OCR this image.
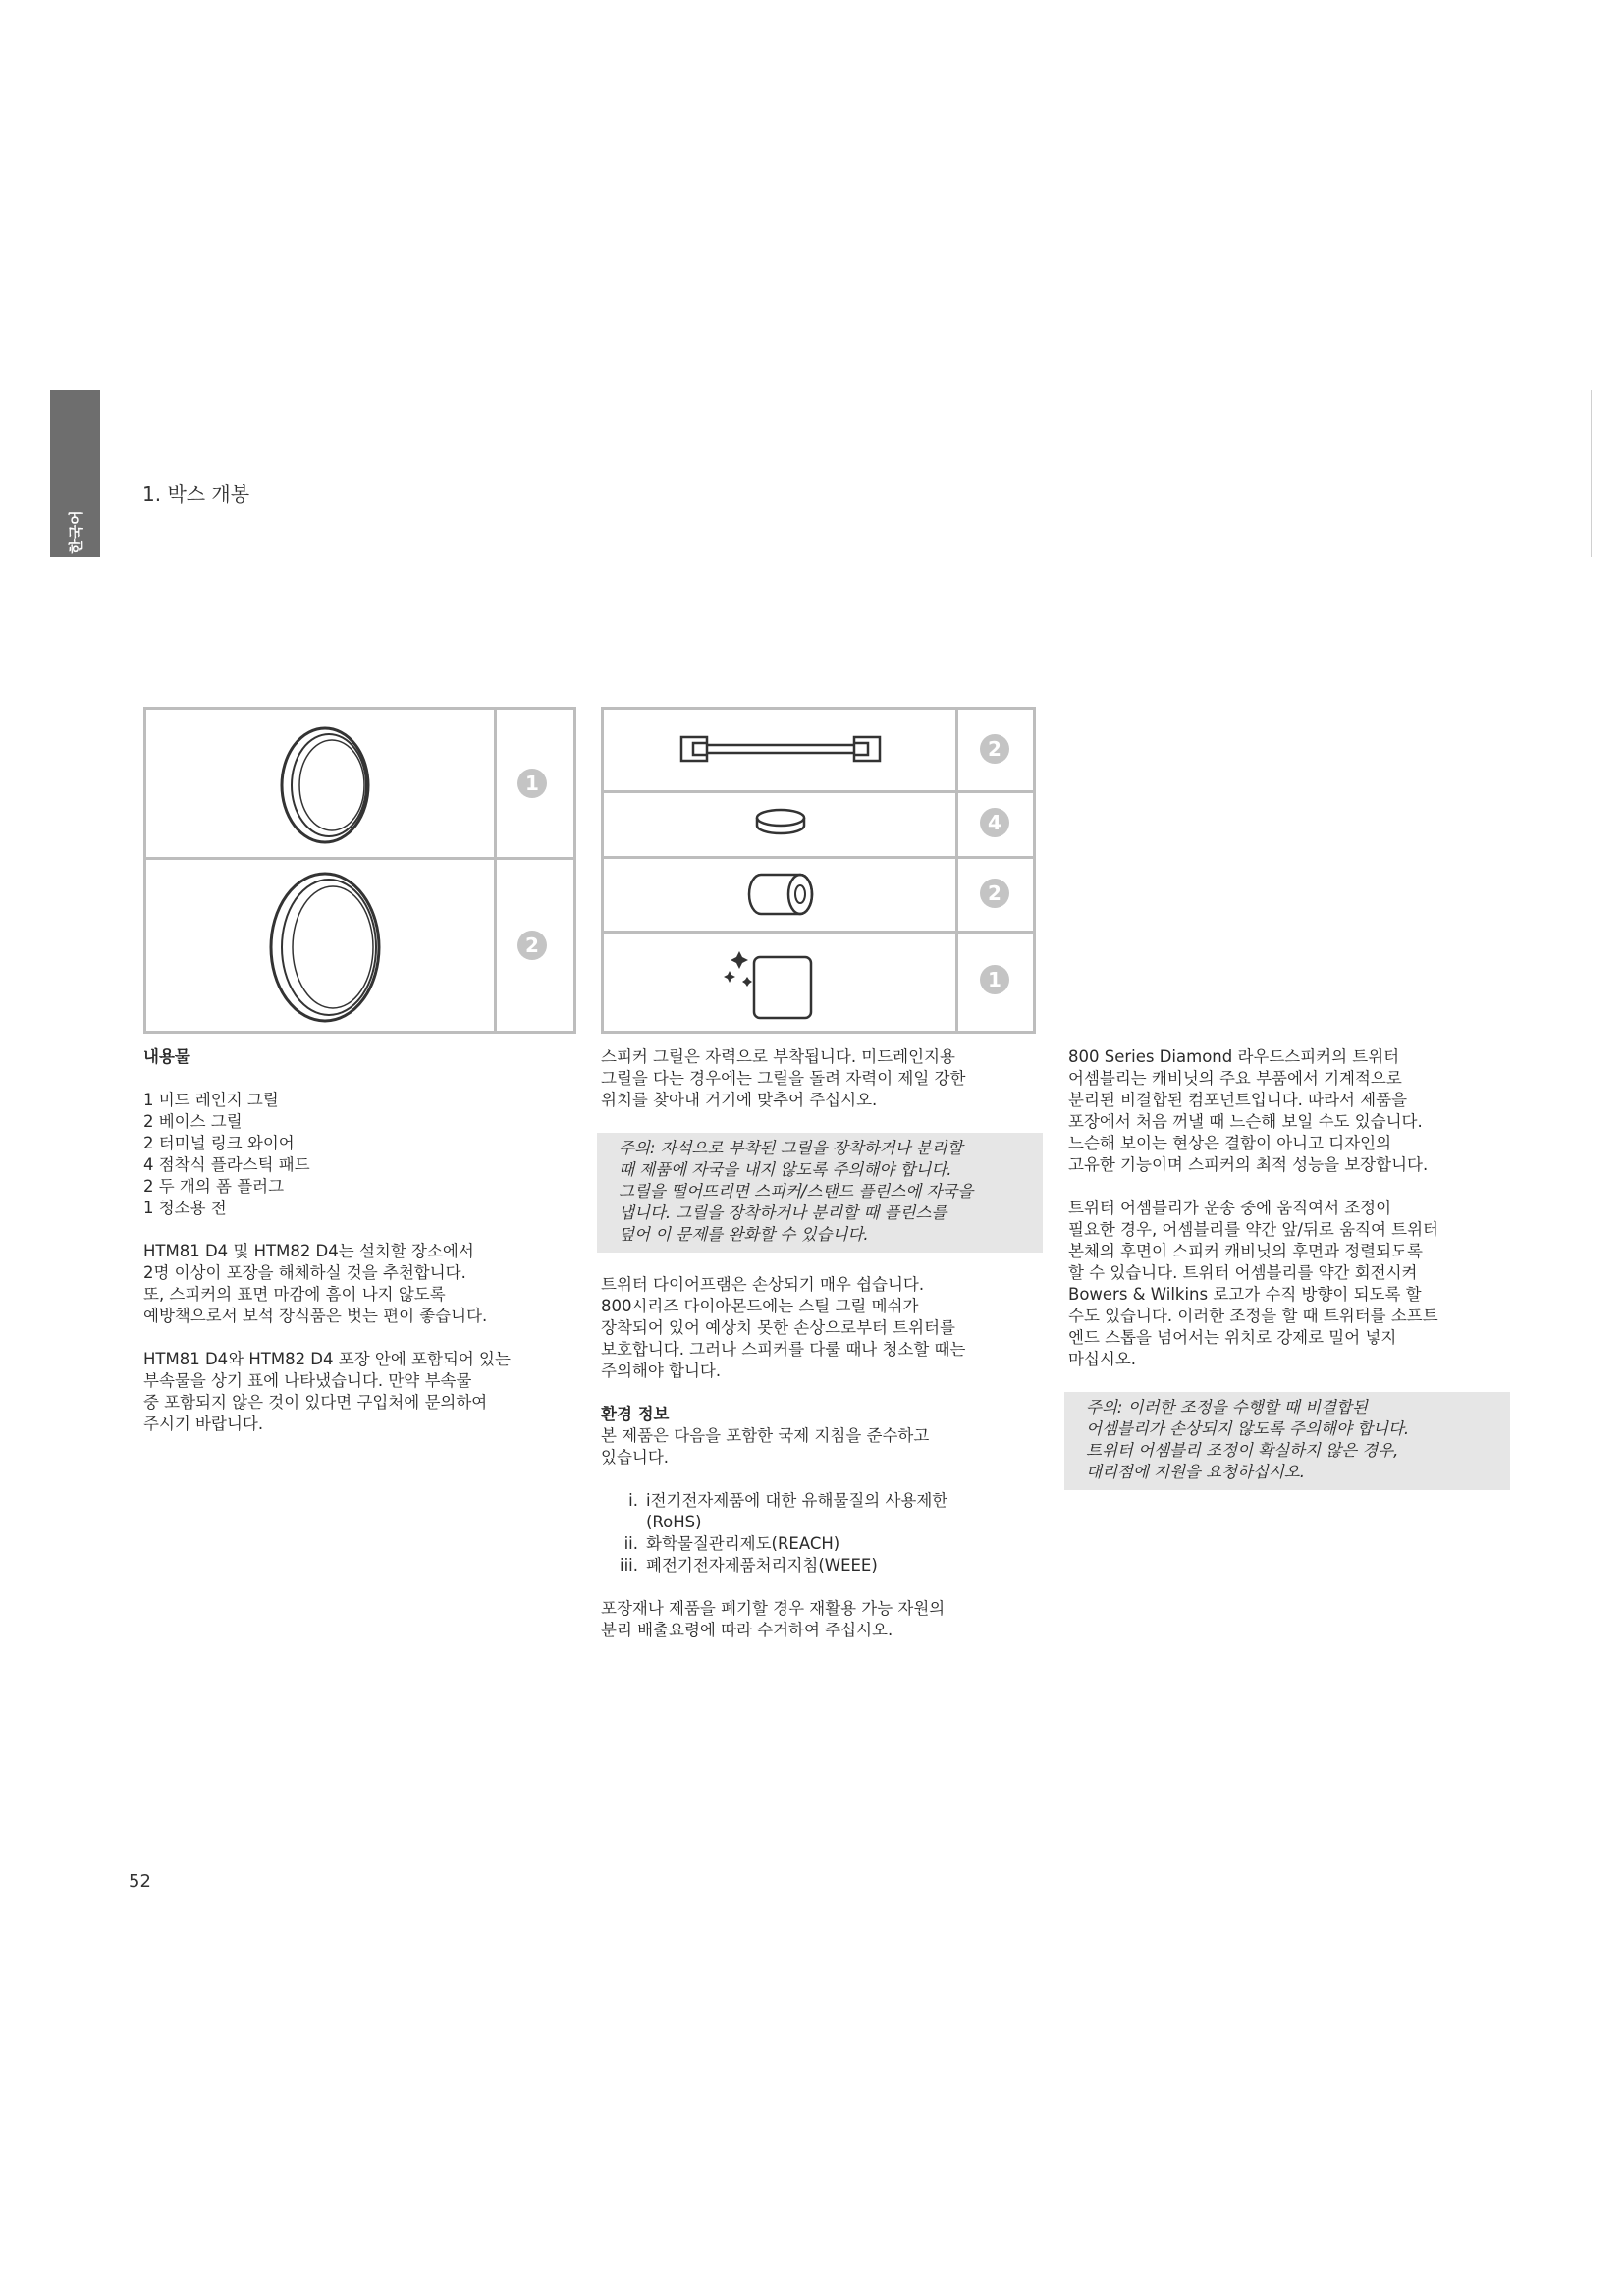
한국어
1. 박스 개봉
1
2
2
4
2
1
내용물
1 미드 레인지 그릴
2 베이스 그릴
2 터미널 링크 와이어
4 점착식 플라스틱 패드
2 두 개의 폼 플러그
1 청소용 천

HTM81 D4 및 HTM82 D4는 설치할 장소에서
2명 이상이 포장을 해체하실 것을 추천합니다.
또, 스피커의 표면 마감에 흠이 나지 않도록
예방책으로서 보석 장식품은 벗는 편이 좋습니다.

HTM81 D4와 HTM82 D4 포장 안에 포함되어 있는
부속물을 상기 표에 나타냈습니다. 만약 부속물
중 포함되지 않은 것이 있다면 구입처에 문의하여
주시기 바랍니다.

스피커 그릴은 자력으로 부착됩니다. 미드레인지용
그릴을 다는 경우에는 그릴을 돌려 자력이 제일 강한
위치를 찾아내 거기에 맞추어 주십시오.

주의: 자석으로 부착된 그릴을 장착하거나 분리할
때 제품에 자국을 내지 않도록 주의해야 합니다.
그릴을 떨어뜨리면 스피커/스탠드 플린스에 자국을
냅니다. 그릴을 장착하거나 분리할 때 플린스를
덮어 이 문제를 완화할 수 있습니다.

트위터 다이어프램은 손상되기 매우 쉽습니다.
800시리즈 다이아몬드에는 스틸 그릴 메쉬가
장착되어 있어 예상치 못한 손상으로부터 트위터를
보호합니다. 그러나 스피커를 다룰 때나 청소할 때는
주의해야 합니다.

환경 정보

본 제품은 다음을 포함한 국제 지침을 준수하고
있습니다.

i. i전기전자제품에 대한 유해물질의 사용제한
(RoHS)
ii. 화학물질관리제도(REACH)
iii. 폐전기전자제품처리지침(WEEE)

포장재나 제품을 폐기할 경우 재활용 가능 자원의
분리 배출요령에 따라 수거하여 주십시오.

800 Series Diamond 라우드스피커의 트위터
어셈블리는 캐비닛의 주요 부품에서 기계적으로
분리된 비결합된 컴포넌트입니다. 따라서 제품을
포장에서 처음 꺼낼 때 느슨해 보일 수도 있습니다.
느슨해 보이는 현상은 결함이 아니고 디자인의
고유한 기능이며 스피커의 최적 성능을 보장합니다.

트위터 어셈블리가 운송 중에 움직여서 조정이
필요한 경우, 어셈블리를 약간 앞/뒤로 움직여 트위터
본체의 후면이 스피커 캐비닛의 후면과 정렬되도록
할 수 있습니다. 트위터 어셈블리를 약간 회전시켜
Bowers & Wilkins 로고가 수직 방향이 되도록 할
수도 있습니다. 이러한 조정을 할 때 트위터를 소프트
엔드 스톱을 넘어서는 위치로 강제로 밀어 넣지
마십시오.

주의: 이러한 조정을 수행할 때 비결합된
어셈블리가 손상되지 않도록 주의해야 합니다.
트위터 어셈블리 조정이 확실하지 않은 경우,
대리점에 지원을 요청하십시오.
52
